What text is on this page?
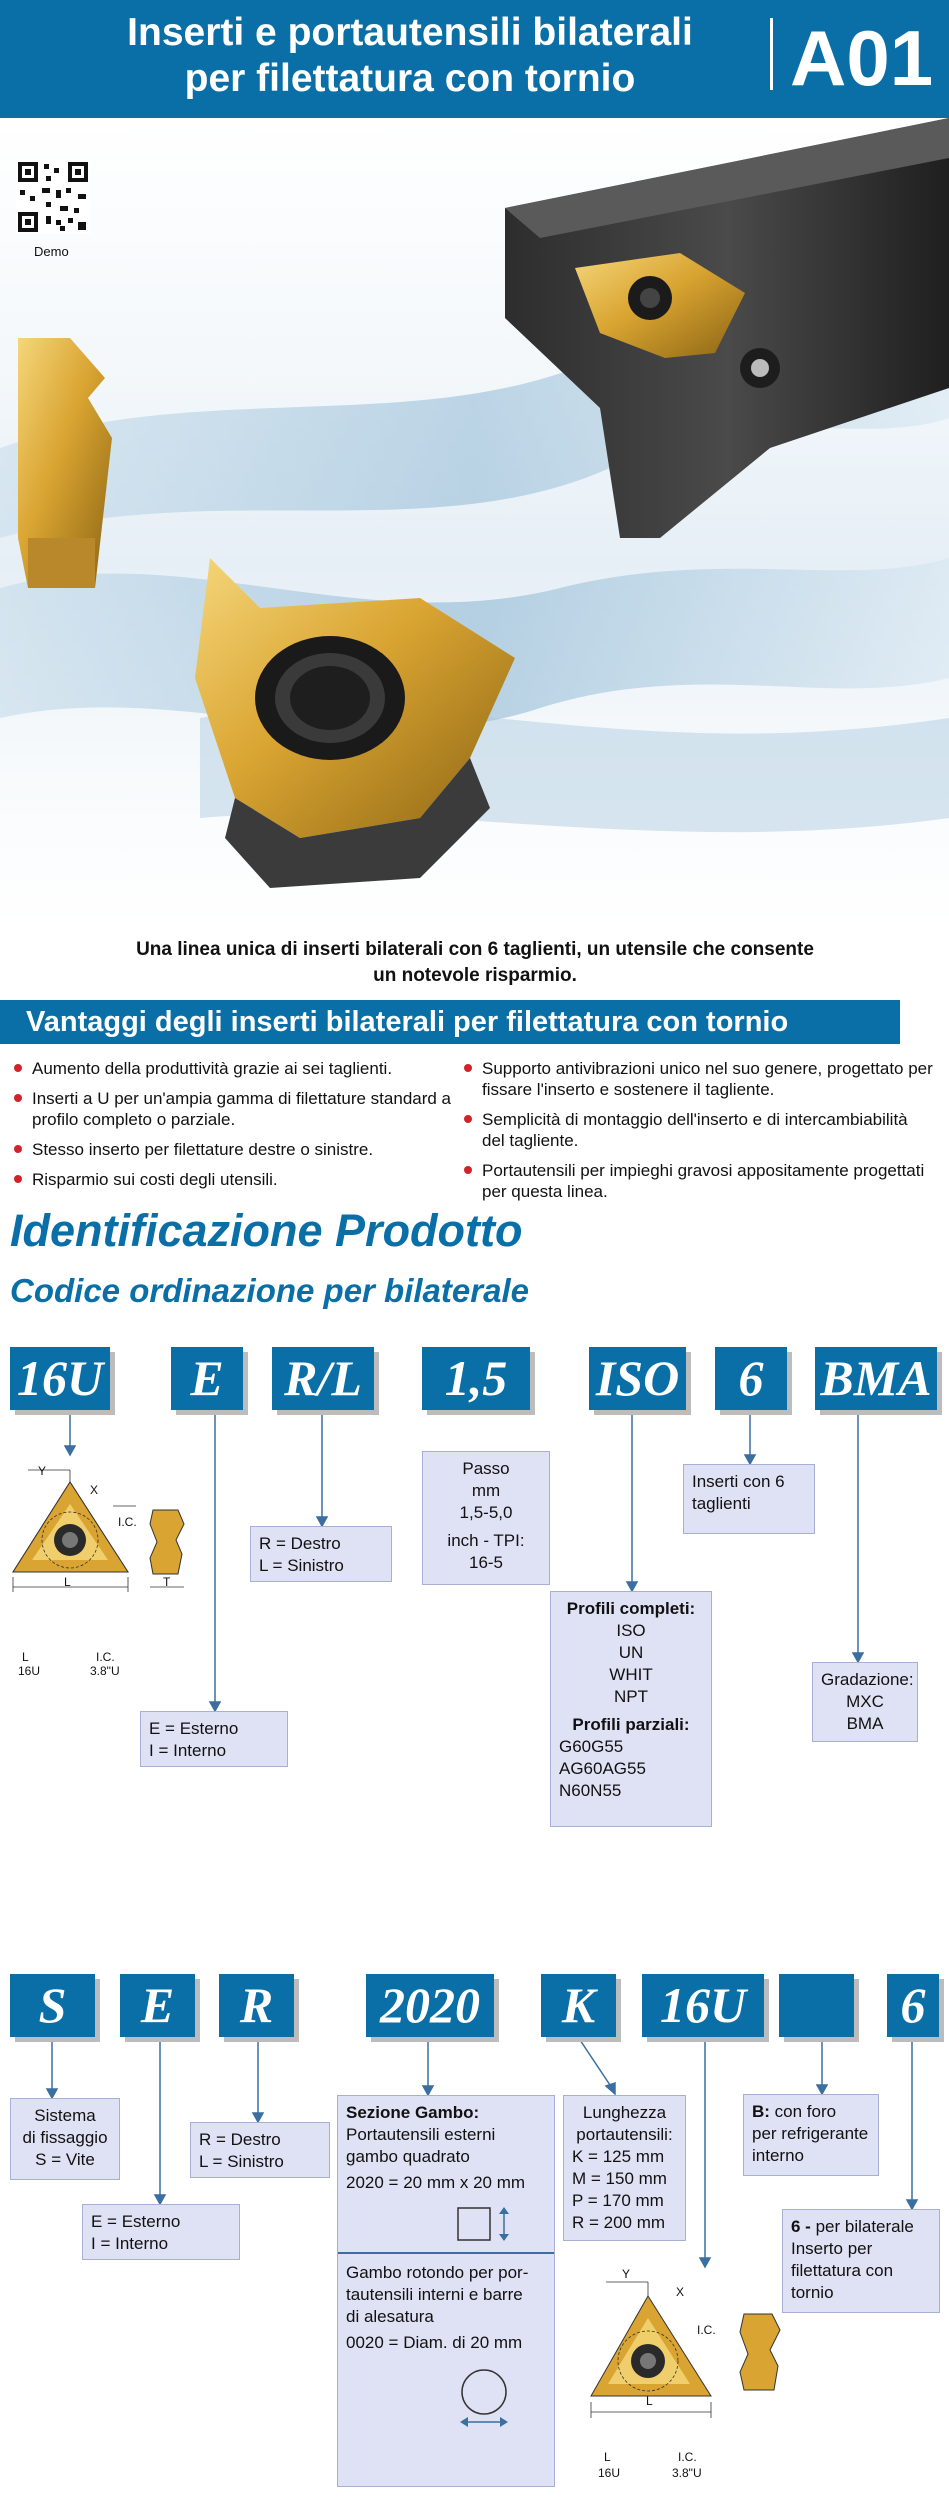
Inserti e portautensili bilaterali
per filettatura con tornio	A01
Demo
Una linea unica di inserti bilaterali con 6 taglienti, un utensile che consente
un notevole risparmio.
Vantaggi degli inserti bilaterali per filettatura con tornio
Aumento della produttività grazie ai sei taglienti.
Inserti a U per un'ampia gamma di filettature standard a profilo completo o parziale.
Stesso inserto per filettature destre o sinistre.
Risparmio sui costi degli utensili.
Supporto antivibrazioni unico nel suo genere, progettato per fissare l'inserto e sostenere il tagliente.
Semplicità di montaggio dell'inserto e di intercambiabilità del tagliente.
Portautensili per impieghi gravosi appositamente progettati per questa linea.
Identificazione Prodotto
Codice ordinazione per bilaterale
16U	E	R/L	1,5	ISO	6	BMA
Y
X
I.C.
L	T
L
16U
I.C.
3.8"U
E = Esterno
I = Interno
R = Destro
L = Sinistro
Passo
mm
1,5-5,0
inch - TPI:
16-5
Profili completi:
ISO
UN
WHIT
NPT
Profili parziali:
G60G55
AG60AG55
N60N55
Inserti con 6
taglienti
Gradazione:
MXC
BMA
S	E	R	2020	K	16U	6
Sistema
di fissaggio
S = Vite
E = Esterno
I = Interno
R = Destro
L = Sinistro
Sezione Gambo:
Portautensili esterni
gambo quadrato
2020 = 20 mm x 20 mm
Gambo rotondo per por-
tautensili interni e barre
di alesatura
0020 = Diam. di 20 mm
Lunghezza
portautensili:
K = 125 mm
M = 150 mm
P = 170 mm
R = 200 mm
B: con foro
per refrigerante
interno
6 - per bilaterale
Inserto per
filettatura con
tornio
Y
X
I.C.
L
L
16U
I.C.
3.8"U
